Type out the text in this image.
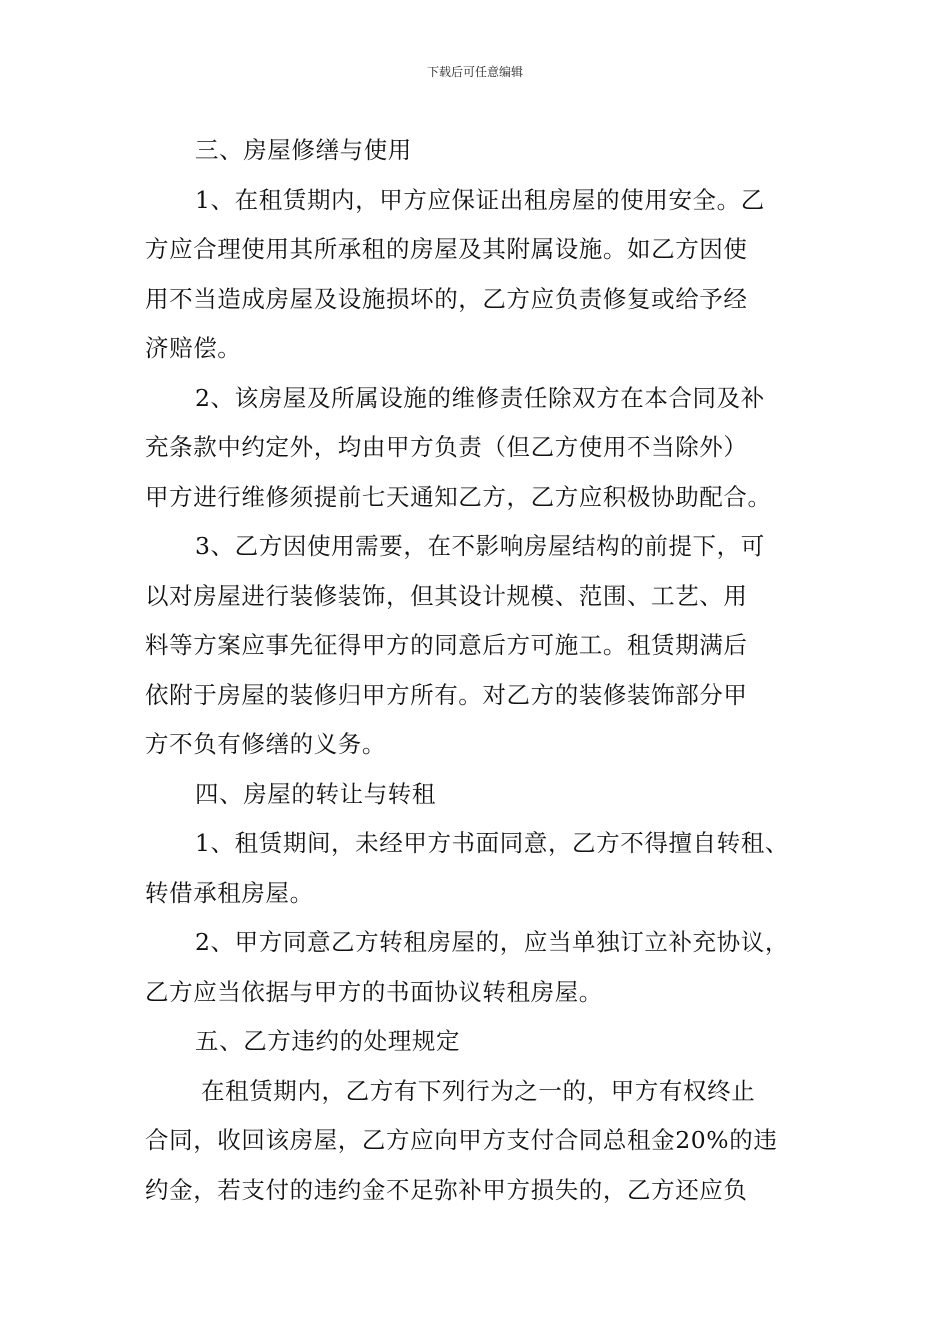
下载后可任意编辑
三、房屋修缮与使用
1、在租赁期内，甲方应保证出租房屋的使用安全。乙
方应合理使用其所承租的房屋及其附属设施。如乙方因使
用不当造成房屋及设施损坏的，乙方应负责修复或给予经
济赔偿。
2、该房屋及所属设施的维修责任除双方在本合同及补
充条款中约定外，均由甲方负责（但乙方使用不当除外）
甲方进行维修须提前七天通知乙方，乙方应积极协助配合。
3、乙方因使用需要，在不影响房屋结构的前提下，可
以对房屋进行装修装饰，但其设计规模、范围、工艺、用
料等方案应事先征得甲方的同意后方可施工。租赁期满后
依附于房屋的装修归甲方所有。对乙方的装修装饰部分甲
方不负有修缮的义务。
四、房屋的转让与转租
1、租赁期间，未经甲方书面同意，乙方不得擅自转租、
转借承租房屋。
2、甲方同意乙方转租房屋的，应当单独订立补充协议，
乙方应当依据与甲方的书面协议转租房屋。
五、乙方违约的处理规定
在租赁期内，乙方有下列行为之一的，甲方有权终止
合同，收回该房屋，乙方应向甲方支付合同总租金20%的违
约金，若支付的违约金不足弥补甲方损失的，乙方还应负
